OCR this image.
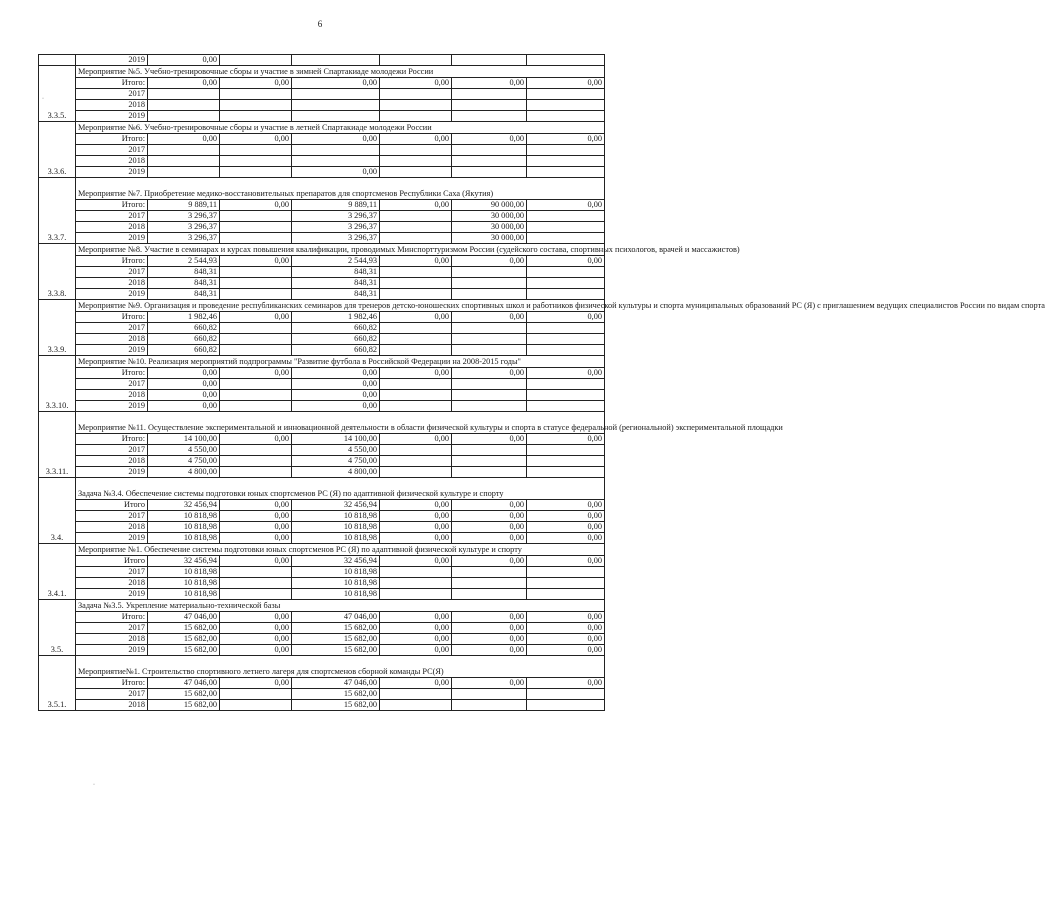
6
	2019	0,00					
3.3.5.	Мероприятие №5. Учебно-тренировочные сборы и участие в зимней Спартакиаде молодежи России						
	Итого:	0,00	0,00	0,00	0,00	0,00	0,00
	2017						
	2018						
	2019						
3.3.6.	Мероприятие №6. Учебно-тренировочные сборы и участие в летней Спартакиаде молодежи России						
	Итого:	0,00	0,00	0,00	0,00	0,00	0,00
	2017						
	2018						
	2019			0,00			
3.3.7.	Мероприятие №7. Приобретение медико-восстановительных препаратов для спортсменов Республики Саха (Якутия)						
	Итого:	9 889,11	0,00	9 889,11	0,00	90 000,00	0,00
	2017	3 296,37		3 296,37		30 000,00	
	2018	3 296,37		3 296,37		30 000,00	
	2019	3 296,37		3 296,37		30 000,00	
3.3.8.	Мероприятие №8. Участие в семинарах и курсах повышения квалификации, проводимых Минспорттуризмом России (судейского состава, спортивных психологов, врачей и массажистов)						
	Итого:	2 544,93	0,00	2 544,93	0,00	0,00	0,00
	2017	848,31		848,31			
	2018	848,31		848,31			
	2019	848,31		848,31			
3.3.9.	Мероприятие №9. Организация и проведение республиканских семинаров для тренеров детско-юношеских спортивных школ и работников физической культуры и спорта муниципальных образований РС (Я) с приглашением ведущих специалистов России по видам спорта						
	Итого:	1 982,46	0,00	1 982,46	0,00	0,00	0,00
	2017	660,82		660,82			
	2018	660,82		660,82			
	2019	660,82		660,82			
3.3.10.	Мероприятие №10. Реализация мероприятий подпрограммы "Развитие футбола в Российской Федерации на 2008-2015 годы"						
	Итого:	0,00	0,00	0,00	0,00	0,00	0,00
	2017	0,00		0,00			
	2018	0,00		0,00			
	2019	0,00		0,00			
3.3.11.	Мероприятие №11. Осуществление экспериментальной и инновационной деятельности в области физической культуры и спорта в статусе федеральной (региональной) экспериментальной площадки						
	Итого:	14 100,00	0,00	14 100,00	0,00	0,00	0,00
	2017	4 550,00		4 550,00			
	2018	4 750,00		4 750,00			
	2019	4 800,00		4 800,00			
3.4.	Задача №3.4. Обеспечение системы подготовки юных спортсменов РС (Я) по адаптивной физической культуре и спорту						
	Итого	32 456,94	0,00	32 456,94	0,00	0,00	0,00
	2017	10 818,98	0,00	10 818,98	0,00	0,00	0,00
	2018	10 818,98	0,00	10 818,98	0,00	0,00	0,00
	2019	10 818,98	0,00	10 818,98	0,00	0,00	0,00
3.4.1.	Мероприятие №1. Обеспечение системы подготовки юных спортсменов РС (Я) по адаптивной физической культуре и спорту						
	Итого	32 456,94	0,00	32 456,94	0,00	0,00	0,00
	2017	10 818,98		10 818,98			
	2018	10 818,98		10 818,98			
	2019	10 818,98		10 818,98			
3.5.	Задача №3.5. Укрепление материально-технической базы						
	Итого:	47 046,00	0,00	47 046,00	0,00	0,00	0,00
	2017	15 682,00	0,00	15 682,00	0,00	0,00	0,00
	2018	15 682,00	0,00	15 682,00	0,00	0,00	0,00
	2019	15 682,00	0,00	15 682,00	0,00	0,00	0,00
3.5.1.	Мероприятие№1. Строительство спортивного летнего лагеря для спортсменов сборной команды РС(Я)						
	Итого:	47 046,00	0,00	47 046,00	0,00	0,00	0,00
	2017	15 682,00		15 682,00			
	2018	15 682,00		15 682,00			
·
·
